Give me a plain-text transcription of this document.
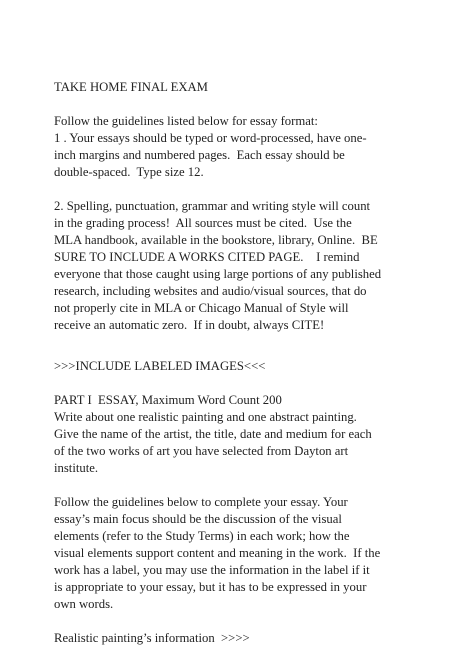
TAKE HOME FINAL EXAM
Follow the guidelines listed below for essay format:
1 . Your essays should be typed or word-processed, have one-
inch margins and numbered pages.  Each essay should be
double-spaced.  Type size 12.
2. Spelling, punctuation, grammar and writing style will count
in the grading process!  All sources must be cited.  Use the
MLA handbook, available in the bookstore, library, Online.  BE
SURE TO INCLUDE A WORKS CITED PAGE.    I remind
everyone that those caught using large portions of any published
research, including websites and audio/visual sources, that do
not properly cite in MLA or Chicago Manual of Style will
receive an automatic zero.  If in doubt, always CITE!
>>>INCLUDE LABELED IMAGES<<<
PART I  ESSAY, Maximum Word Count 200
Write about one realistic painting and one abstract painting.
Give the name of the artist, the title, date and medium for each
of the two works of art you have selected from Dayton art
institute.
Follow the guidelines below to complete your essay. Your
essay’s main focus should be the discussion of the visual
elements (refer to the Study Terms) in each work; how the
visual elements support content and meaning in the work.  If the
work has a label, you may use the information in the label if it
is appropriate to your essay, but it has to be expressed in your
own words.
Realistic painting’s information  >>>>
